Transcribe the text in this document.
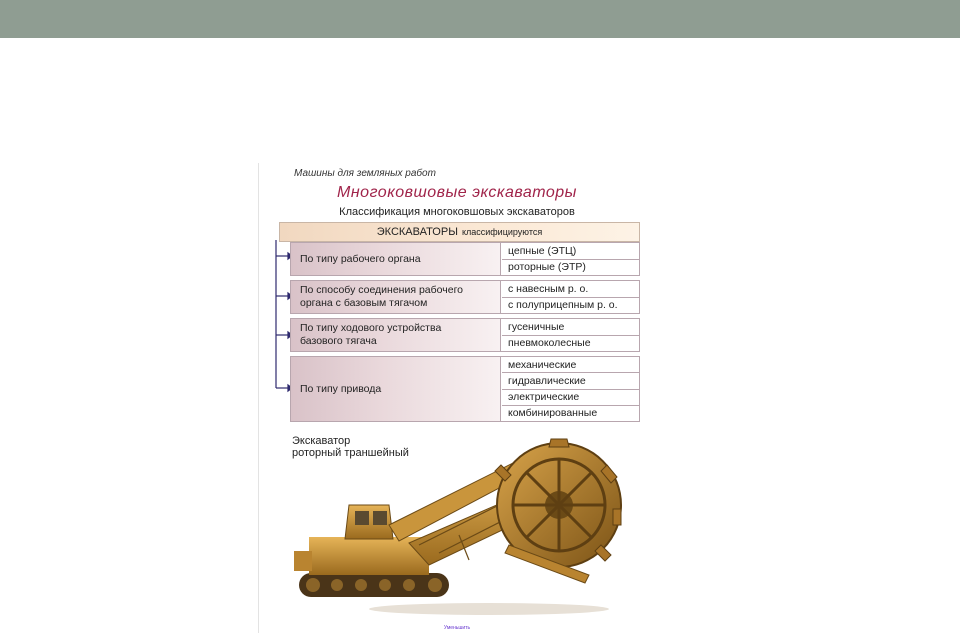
Машины для земляных работ
Многоковшовые экскаваторы
Классификация многоковшовых экскаваторов
ЭКСКАВАТОРЫ классифицируются
По типу рабочего органа
цепные (ЭТЦ)
роторные (ЭТР)
По способу соединения рабочего
органа с базовым тягачом
с навесным р. о.
с полуприцепным р. о.
По типу ходового устройства
базового тягача
гусеничные
пневмоколесные
По типу привода
механические
гидравлические
электрические
комбинированные
Экскаватор
роторный траншейный
Уменьшить
